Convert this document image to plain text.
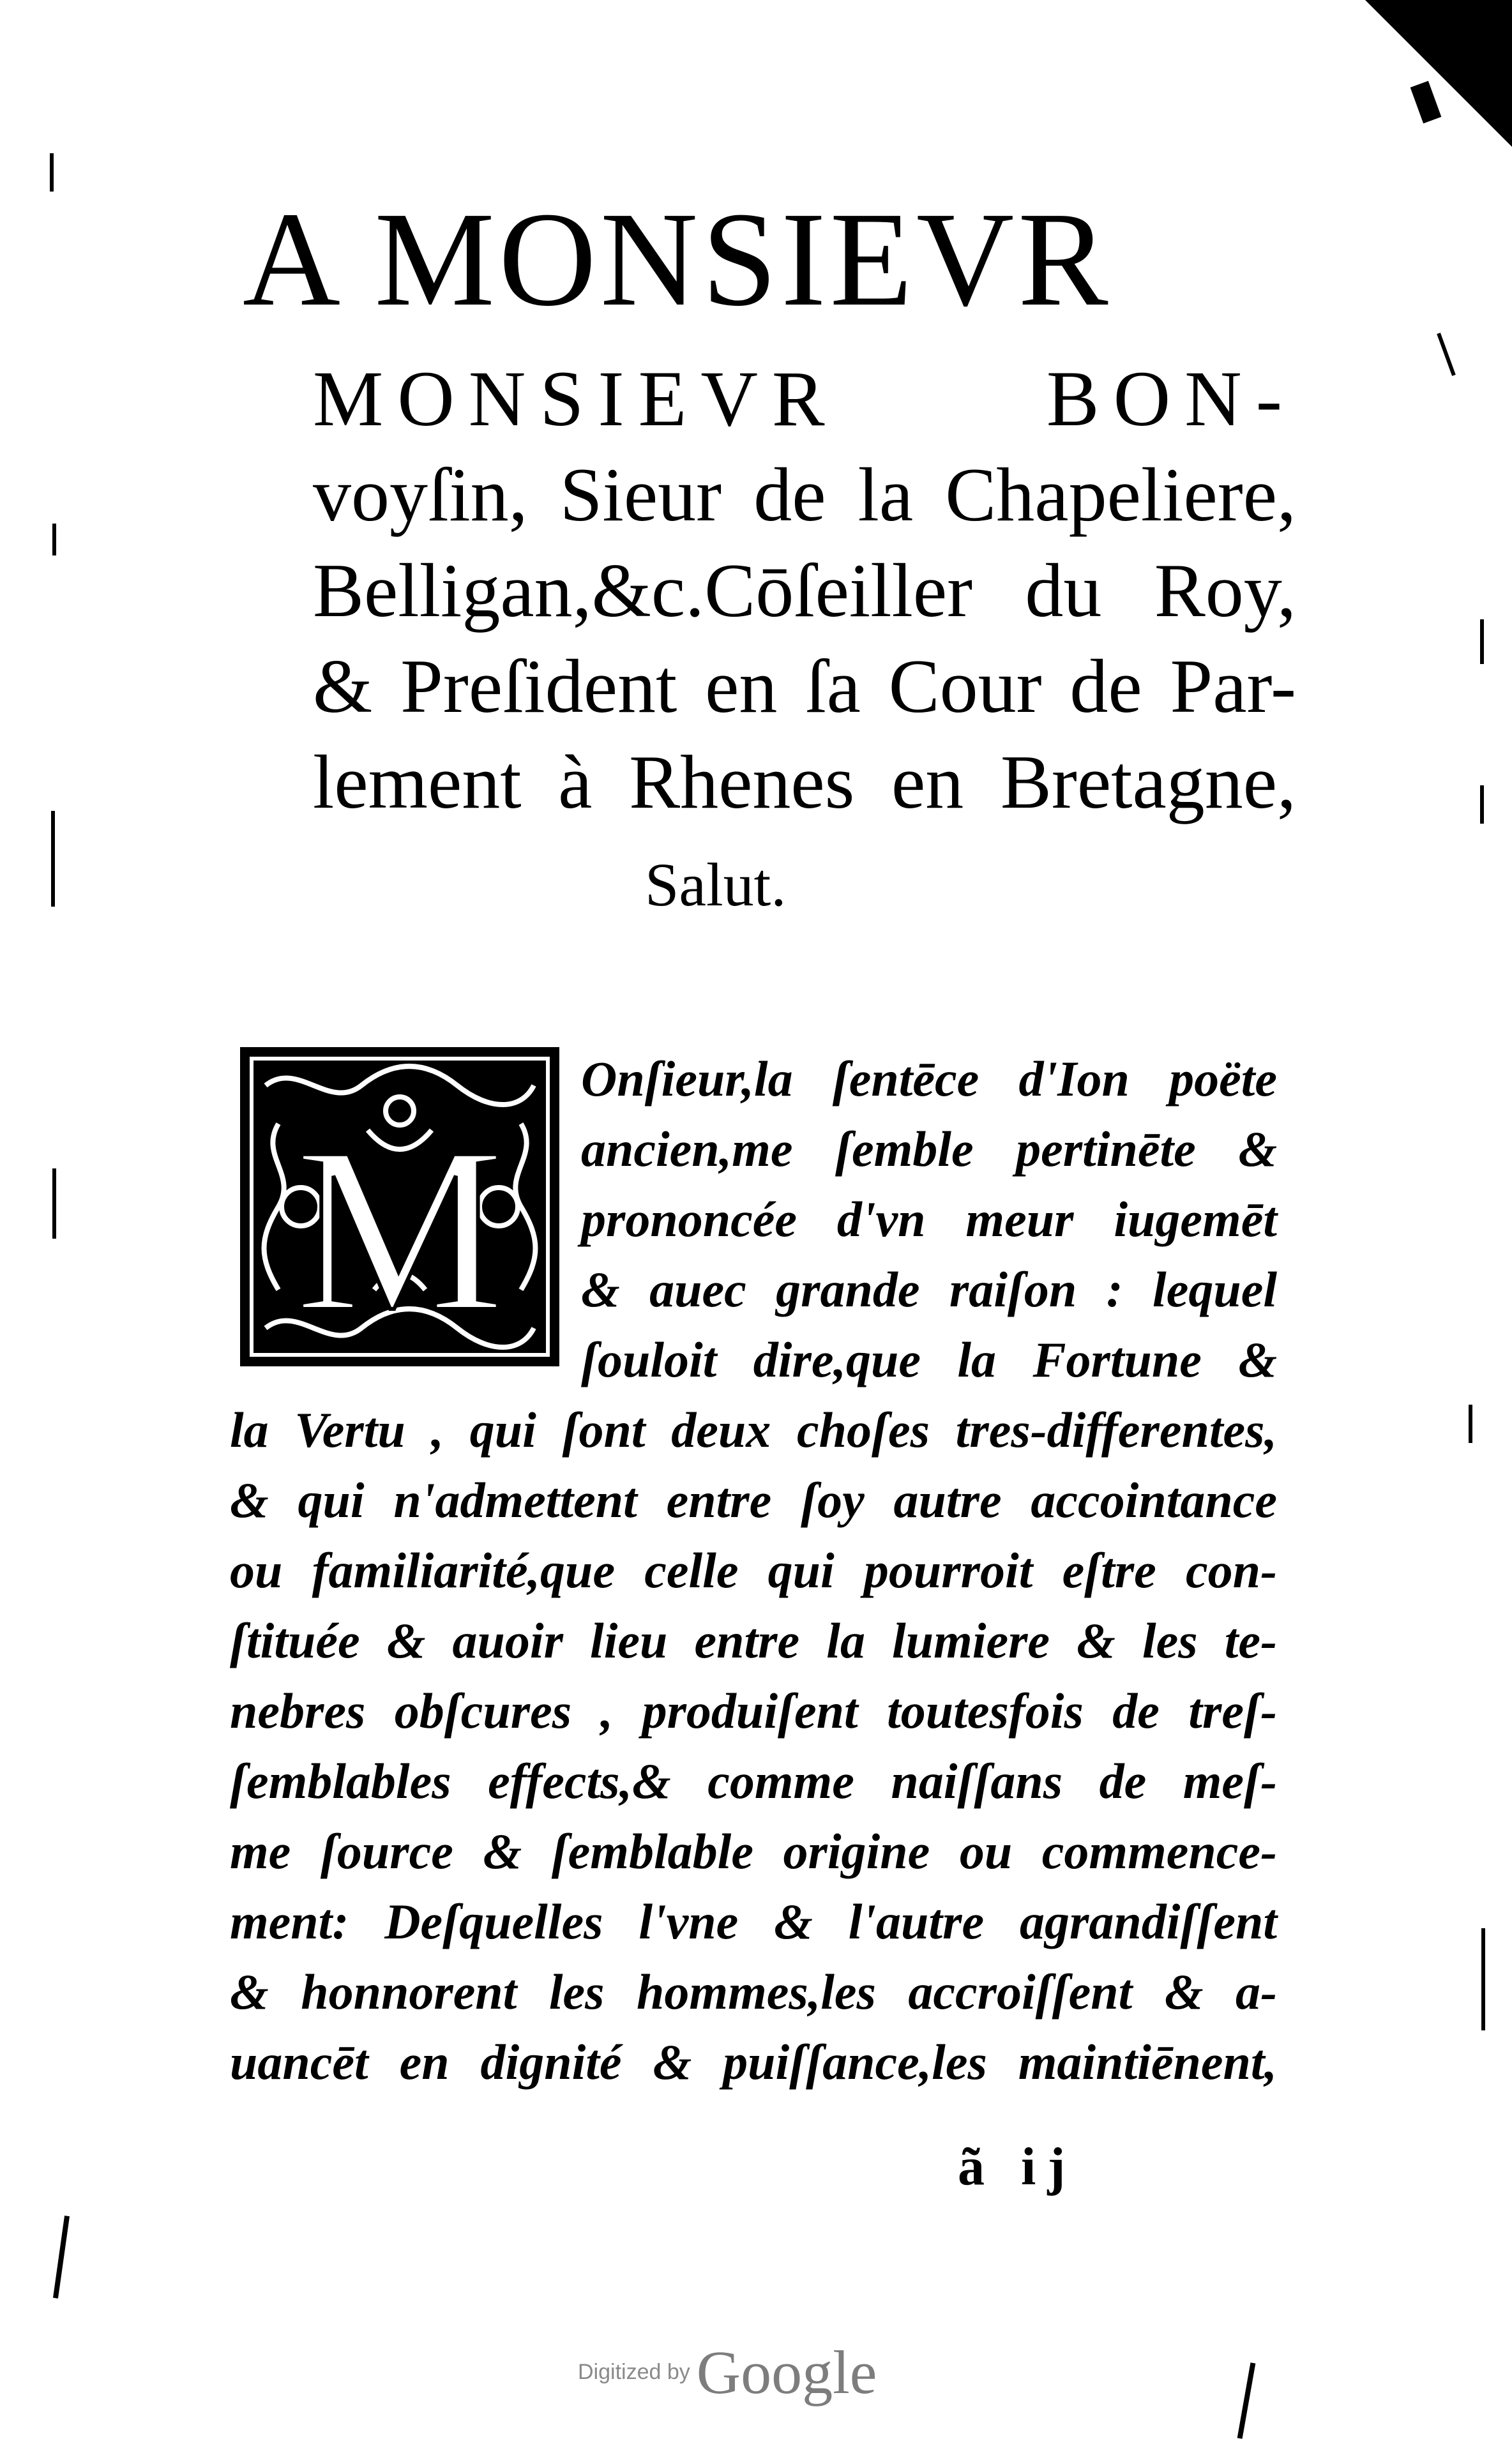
A MONSIEVR
MONSIEVR BON-
voyſin, Sieur de la Chapeliere,
Belligan,&c.Cōſeiller du Roy,
& Preſident en ſa Cour de Par-
lement à Rhenes en Bretagne,
Salut.
M
Onſieur,la ſentēce d'Ion poëte
ancien,me ſemble pertinēte &
prononcée d'vn meur iugemēt
& auec grande raiſon : lequel
ſouloit dire,que la Fortune &
la Vertu , qui ſont deux choſes tres-differentes,
& qui n'admettent entre ſoy autre accointance
ou familiarité,que celle qui pourroit eſtre con-
ſtituée & auoir lieu entre la lumiere & les te-
nebres obſcures , produiſent toutesfois de treſ-
ſemblables effects,& comme naiſſans de meſ-
me ſource & ſemblable origine ou commence-
ment: Deſquelles l'vne & l'autre agrandiſſent
& honnorent les hommes,les accroiſſent & a-
uancēt en dignité & puiſſance,les maintiēnent,
ã ij
Digitized by Google
